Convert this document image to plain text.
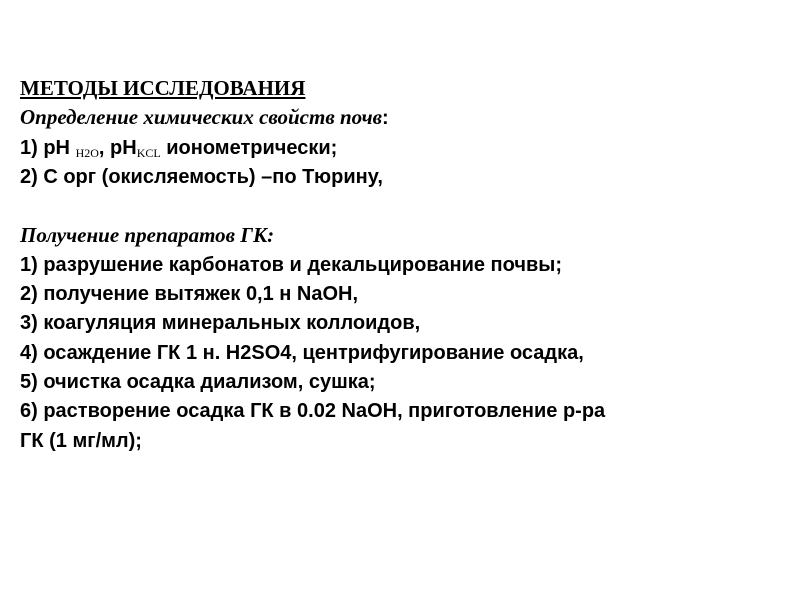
МЕТОДЫ ИССЛЕДОВАНИЯ
Определение химических свойств почв:
1) pH $_{H2O}$, $pH_{KCL}$ ионометрически;
2) С орг (окисляемость) –по Тюрину,
Получение препаратов ГК:
1) разрушение карбонатов и декальцирование почвы;
2) получение вытяжек 0,1 н NaOH,
3) коагуляция минеральных коллоидов,
4) осаждение ГК 1 н. H2SO4, центрифугирование осадка,
5) очистка осадка диализом, сушка;
6) растворение осадка ГК в 0.02 NaOH, приготовление р-ра
ГК (1 мг/мл);
